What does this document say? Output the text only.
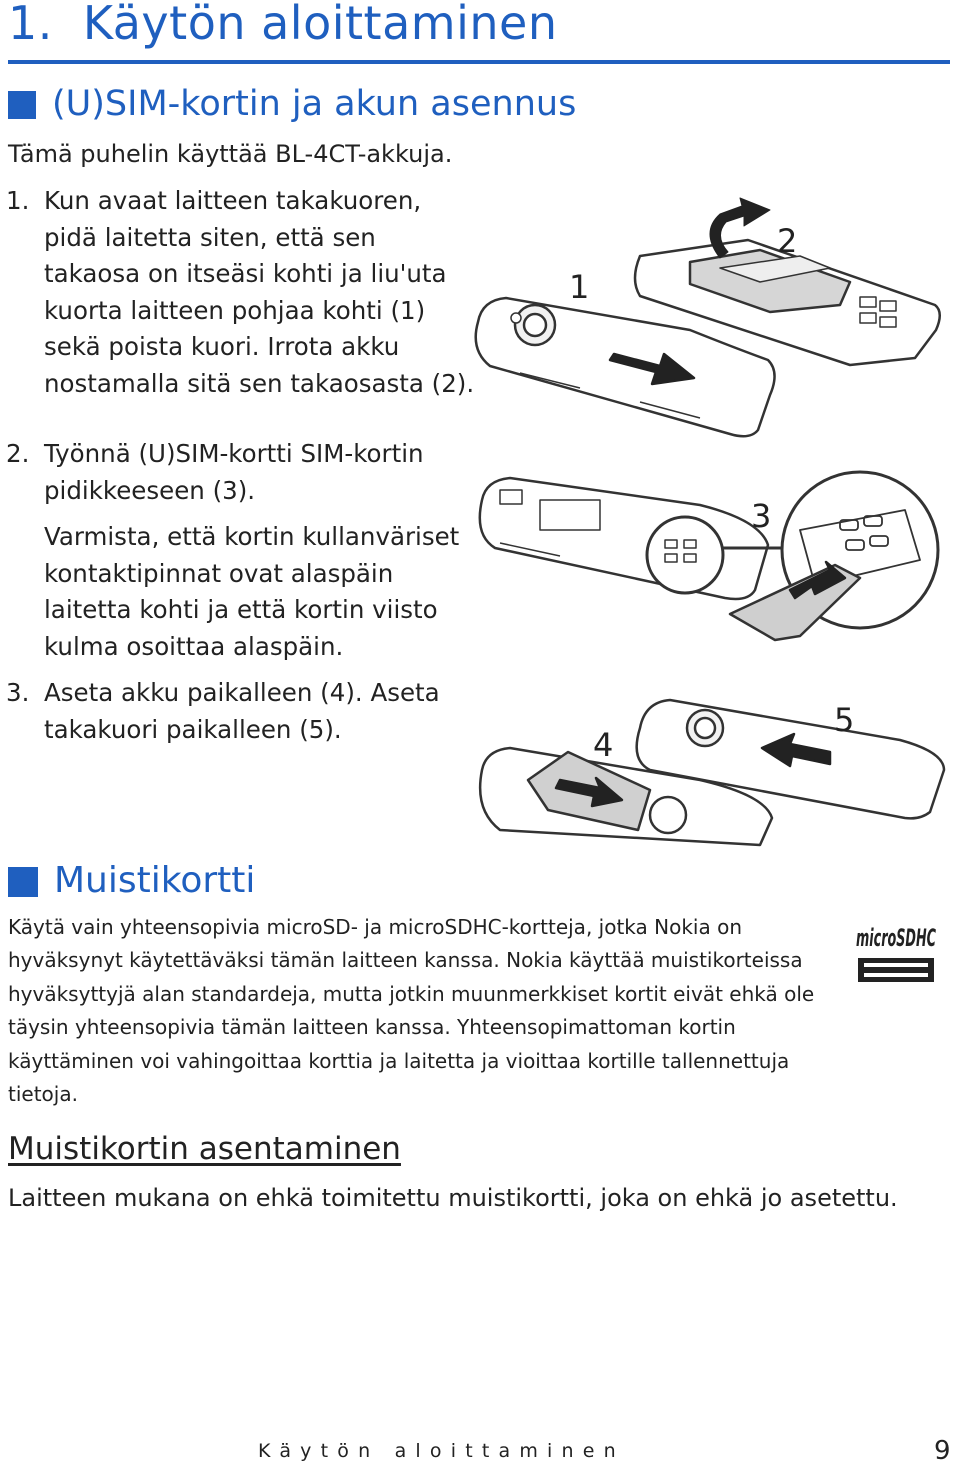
1. Käytön aloittaminen
(U)SIM-kortin ja akun asennus

Tämä puhelin käyttää BL-4CT-akkuja.

1. Kun avaat laitteen takakuoren,
pidä laitetta siten, että sen
takaosa on itseäsi kohti ja liu'uta
kuorta laitteen pohjaa kohti (1)
sekä poista kuori. Irrota akku
nostamalla sitä sen takaosasta (2).
2. Työnnä (U)SIM-kortti SIM-kortin
pidikkeeseen (3).
Varmista, että kortin kullanväriset
kontaktipinnat ovat alaspäin
laitetta kohti ja että kortin viisto
kulma osoittaa alaspäin.
3. Aseta akku paikalleen (4). Aseta
takakuori paikalleen (5).
1
2
3
4
5
Muistikortti
Käytä vain yhteensopivia microSD- ja microSDHC-kortteja, jotka Nokia on
hyväksynyt käytettäväksi tämän laitteen kanssa. Nokia käyttää muistikorteissa
hyväksyttyjä alan standardeja, mutta jotkin muunmerkkiset kortit eivät ehkä ole
täysin yhteensopivia tämän laitteen kanssa. Yhteensopimattoman kortin
käyttäminen voi vahingoittaa korttia ja laitetta ja vioittaa kortille tallennettuja
tietoja.
microSDHC
Muistikortin asentaminen

Laitteen mukana on ehkä toimitettu muistikortti, joka on ehkä jo asetettu.

Käytön aloittaminen	9
